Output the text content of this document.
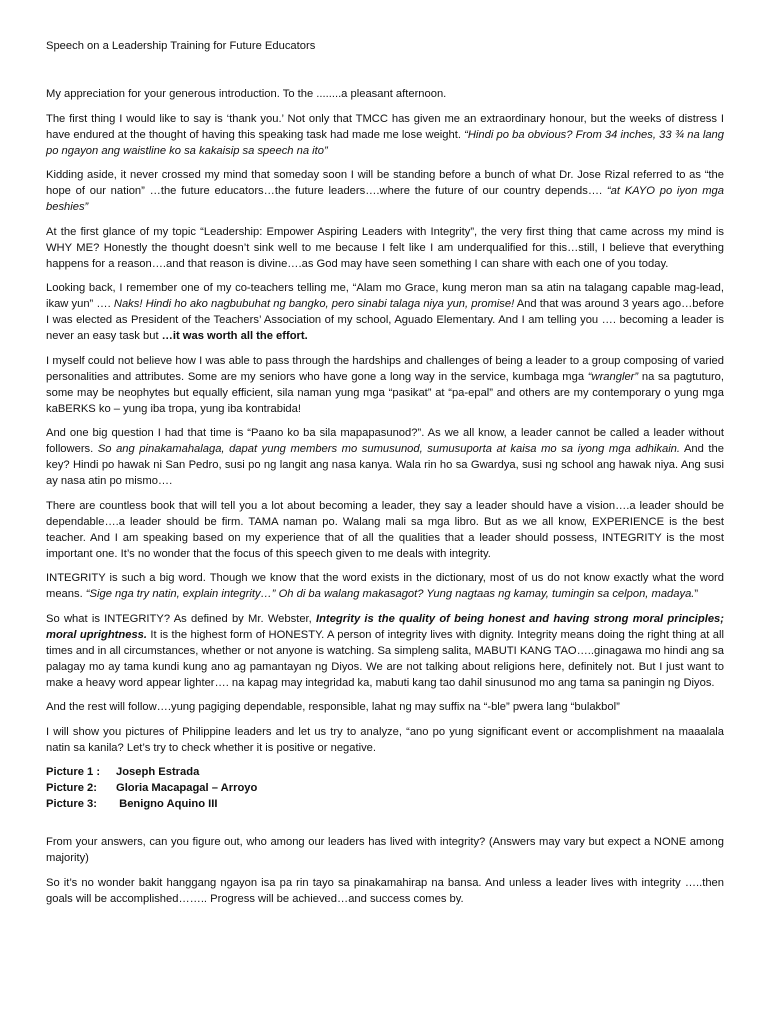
Speech on a Leadership Training for Future Educators

My appreciation for your generous introduction. To the ........a pleasant afternoon.

The first thing I would like to say is ‘thank you.’ Not only that TMCC has given me an extraordinary honour, but the weeks of distress I have endured at the thought of having this speaking task had made me lose weight. “Hindi po ba obvious? From 34 inches, 33 ¾ na lang po ngayon ang waistline ko sa kakaisip sa speech na ito”

Kidding aside, it never crossed my mind that someday soon I will be standing before a bunch of what Dr. Jose Rizal referred to as “the hope of our nation” …the future educators…the future leaders….where the future of our country depends…. “at KAYO po iyon mga beshies”

At the first glance of my topic “Leadership: Empower Aspiring Leaders with Integrity”, the very first thing that came across my mind is WHY ME? Honestly the thought doesn’t sink well to me because I felt like I am underqualified for this…still, I believe that everything happens for a reason….and that reason is divine….as God may have seen something I can share with each one of you today.

Looking back, I remember one of my co-teachers telling me, “Alam mo Grace, kung meron man sa atin na talagang capable mag-lead, ikaw yun” …. Naks! Hindi ho ako nagbubuhat ng bangko, pero sinabi talaga niya yun, promise! And that was around 3 years ago…before I was elected as President of the Teachers’ Association of my school, Aguado Elementary. And I am telling you …. becoming a leader is never an easy task but …it was worth all the effort.

I myself could not believe how I was able to pass through the hardships and challenges of being a leader to a group composing of varied personalities and attributes. Some are my seniors who have gone a long way in the service, kumbaga mga “wrangler” na sa pagtuturo, some may be neophytes but equally efficient, sila naman yung mga “pasikat” at “pa-epal” and others are my contemporary o yung mga kaBERKS ko – yung iba tropa, yung iba kontrabida!

And one big question I had that time is “Paano ko ba sila mapapasunod?”. As we all know, a leader cannot be called a leader without followers. So ang pinakamahalaga, dapat yung members mo sumusunod, sumusuporta at kaisa mo sa iyong mga adhikain. And the key? Hindi po hawak ni San Pedro, susi po ng langit ang nasa kanya. Wala rin ho sa Gwardya, susi ng school ang hawak niya. Ang susi ay nasa atin po mismo….

There are countless book that will tell you a lot about becoming a leader, they say a leader should have a vision….a leader should be dependable….a leader should be firm. TAMA naman po. Walang mali sa mga libro. But as we all know, EXPERIENCE is the best teacher. And I am speaking based on my experience that of all the qualities that a leader should possess, INTEGRITY is the most important one. It’s no wonder that the focus of this speech given to me deals with integrity.

INTEGRITY is such a big word. Though we know that the word exists in the dictionary, most of us do not know exactly what the word means. “Sige nga try natin, explain integrity…” Oh di ba walang makasagot? Yung nagtaas ng kamay, tumingin sa celpon, madaya.”

So what is INTEGRITY? As defined by Mr. Webster, Integrity is the quality of being honest and having strong moral principles; moral uprightness. It is the highest form of HONESTY. A person of integrity lives with dignity. Integrity means doing the right thing at all times and in all circumstances, whether or not anyone is watching. Sa simpleng salita, MABUTI KANG TAO…..ginagawa mo hindi ang sa palagay mo ay tama kundi kung ano ag pamantayan ng Diyos. We are not talking about religions here, definitely not. But I just want to make a heavy word appear lighter…. na kapag may integridad ka, mabuti kang tao dahil sinusunod mo ang tama sa paningin ng Diyos.

And the rest will follow….yung pagiging dependable, responsible, lahat ng may suffix na “-ble” pwera lang “bulakbol”

I will show you pictures of Philippine leaders and let us try to analyze, “ano po yung significant event or accomplishment na maaalala natin sa kanila? Let’s try to check whether it is positive or negative.

Picture 1 :	Joseph Estrada
Picture 2:	Gloria Macapagal – Arroyo
Picture 3:	Benigno Aquino III

From your answers, can you figure out, who among our leaders has lived with integrity? (Answers may vary but expect a NONE among majority)

So it’s no wonder bakit hanggang ngayon isa pa rin tayo sa pinakamahirap na bansa. And unless a leader lives with integrity …..then goals will be accomplished…….. Progress will be achieved…and success comes by.
